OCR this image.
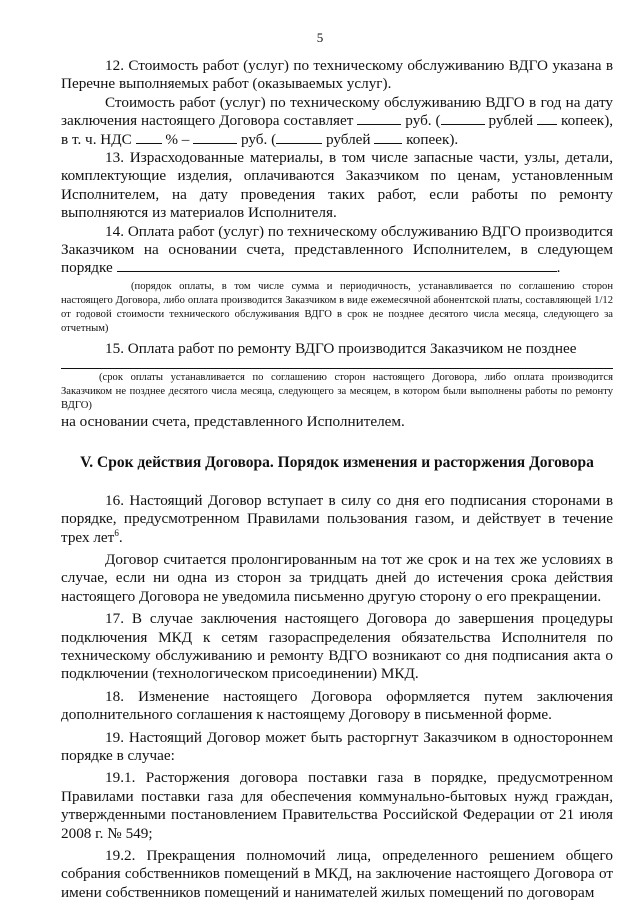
5

12. Стоимость работ (услуг) по техническому обслуживанию ВДГО указана в Перечне выполняемых работ (оказываемых услуг).

Стоимость работ (услуг) по техническому обслуживанию ВДГО в год на дату заключения настоящего Договора составляет	руб. (	рублей копеек), в т. ч. НДС % –	руб. (	рублей копеек).

13. Израсходованные материалы, в том числе запасные части, узлы, детали, комплектующие изделия, оплачиваются Заказчиком по ценам, установленным Исполнителем, на дату проведения таких работ, если работы по ремонту выполняются из материалов Исполнителя.

14. Оплата работ (услуг) по техническому обслуживанию ВДГО производится Заказчиком на основании счета, представленного Исполнителем, в следующем порядке	.

(порядок оплаты, в том числе сумма и периодичность, устанавливается по соглашению сторон настоящего Договора, либо оплата производится Заказчиком в виде ежемесячной абонентской платы, составляющей 1/12 от годовой стоимости технического обслуживания ВДГО в срок не позднее десятого числа месяца, следующего за отчетным)

15. Оплата работ по ремонту ВДГО производится Заказчиком не позднее

(срок оплаты устанавливается по соглашению сторон настоящего Договора, либо оплата производится Заказчиком не позднее десятого числа месяца, следующего за месяцем, в котором были выполнены работы по ремонту ВДГО)

на основании счета, представленного Исполнителем.

V. Срок действия Договора. Порядок изменения и расторжения Договора

16. Настоящий Договор вступает в силу со дня его подписания сторонами в порядке, предусмотренном Правилами пользования газом, и действует в течение трех лет$^6$.

Договор считается пролонгированным на тот же срок и на тех же условиях в случае, если ни одна из сторон за тридцать дней до истечения срока действия настоящего Договора не уведомила письменно другую сторону о его прекращении.

17. В случае заключения настоящего Договора до завершения процедуры подключения МКД к сетям газораспределения обязательства Исполнителя по техническому обслуживанию и ремонту ВДГО возникают со дня подписания акта о подключении (технологическом присоединении) МКД.

18. Изменение настоящего Договора оформляется путем заключения дополнительного соглашения к настоящему Договору в письменной форме.

19. Настоящий Договор может быть расторгнут Заказчиком в одностороннем порядке в случае:

19.1. Расторжения договора поставки газа в порядке, предусмотренном Правилами поставки газа для обеспечения коммунально-бытовых нужд граждан, утвержденными постановлением Правительства Российской Федерации от 21 июля 2008 г. № 549;

19.2. Прекращения полномочий лица, определенного решением общего собрания собственников помещений в МКД, на заключение настоящего Договора от имени собственников помещений и нанимателей жилых помещений по договорам
